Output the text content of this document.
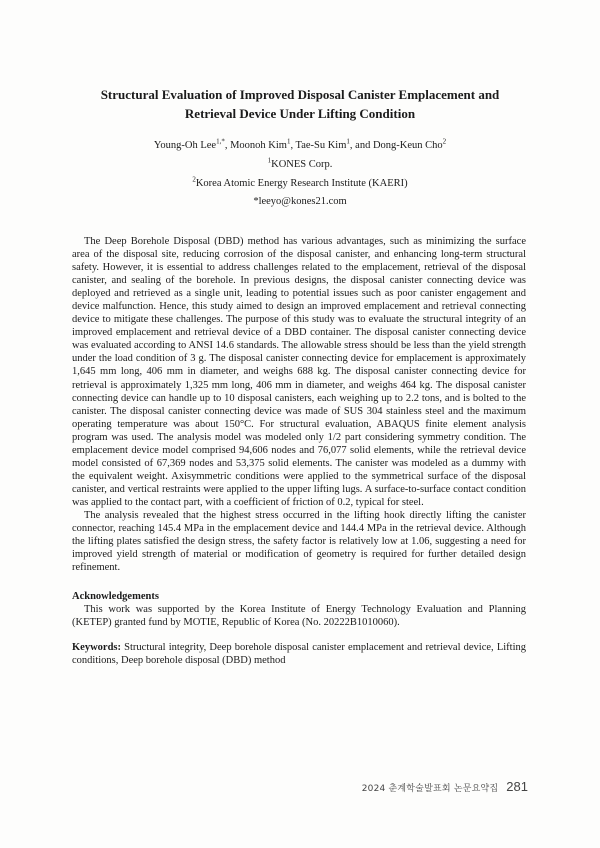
Structural Evaluation of Improved Disposal Canister Emplacement and
Retrieval Device Under Lifting Condition
Young-Oh Lee$^{1,*}$, Moonoh Kim$^1$, Tae-Su Kim$^1$, and Dong-Keun Cho$^2$
$^1$KONES Corp.
$^2$Korea Atomic Energy Research Institute (KAERI)
*leeyo@kones21.com

The Deep Borehole Disposal (DBD) method has various advantages, such as minimizing the surface area of the disposal site, reducing corrosion of the disposal canister, and enhancing long-term structural safety. However, it is essential to address challenges related to the emplacement, retrieval of the disposal canister, and sealing of the borehole. In previous designs, the disposal canister connecting device was deployed and retrieved as a single unit, leading to potential issues such as poor canister engagement and device malfunction. Hence, this study aimed to design an improved emplacement and retrieval connecting device to mitigate these challenges. The purpose of this study was to evaluate the structural integrity of an improved emplacement and retrieval device of a DBD container. The disposal canister connecting device was evaluated according to ANSI 14.6 standards. The allowable stress should be less than the yield strength under the load condition of 3 g. The disposal canister connecting device for emplacement is approximately 1,645 mm long, 406 mm in diameter, and weighs 688 kg. The disposal canister connecting device for retrieval is approximately 1,325 mm long, 406 mm in diameter, and weighs 464 kg. The disposal canister connecting device can handle up to 10 disposal canisters, each weighing up to 2.2 tons, and is bolted to the canister. The disposal canister connecting device was made of SUS 304 stainless steel and the maximum operating temperature was about 150°C. For structural evaluation, ABAQUS finite element analysis program was used. The analysis model was modeled only 1/2 part considering symmetry condition. The emplacement device model comprised 94,606 nodes and 76,077 solid elements, while the retrieval device model consisted of 67,369 nodes and 53,375 solid elements. The canister was modeled as a dummy with the equivalent weight. Axisymmetric conditions were applied to the symmetrical surface of the disposal canister, and vertical restraints were applied to the upper lifting lugs. A surface-to-surface contact condition was applied to the contact part, with a coefficient of friction of 0.2, typical for steel.

The analysis revealed that the highest stress occurred in the lifting hook directly lifting the canister connector, reaching 145.4 MPa in the emplacement device and 144.4 MPa in the retrieval device. Although the lifting plates satisfied the design stress, the safety factor is relatively low at 1.06, suggesting a need for improved yield strength of material or modification of geometry is required for further detailed design refinement.

Acknowledgements
This work was supported by the Korea Institute of Energy Technology Evaluation and Planning (KETEP) granted fund by MOTIE, Republic of Korea (No. 20222B1010060).
Keywords: Structural integrity, Deep borehole disposal canister emplacement and retrieval device, Lifting conditions, Deep borehole disposal (DBD) method
2024 춘계학술발표회 논문요약집 281
